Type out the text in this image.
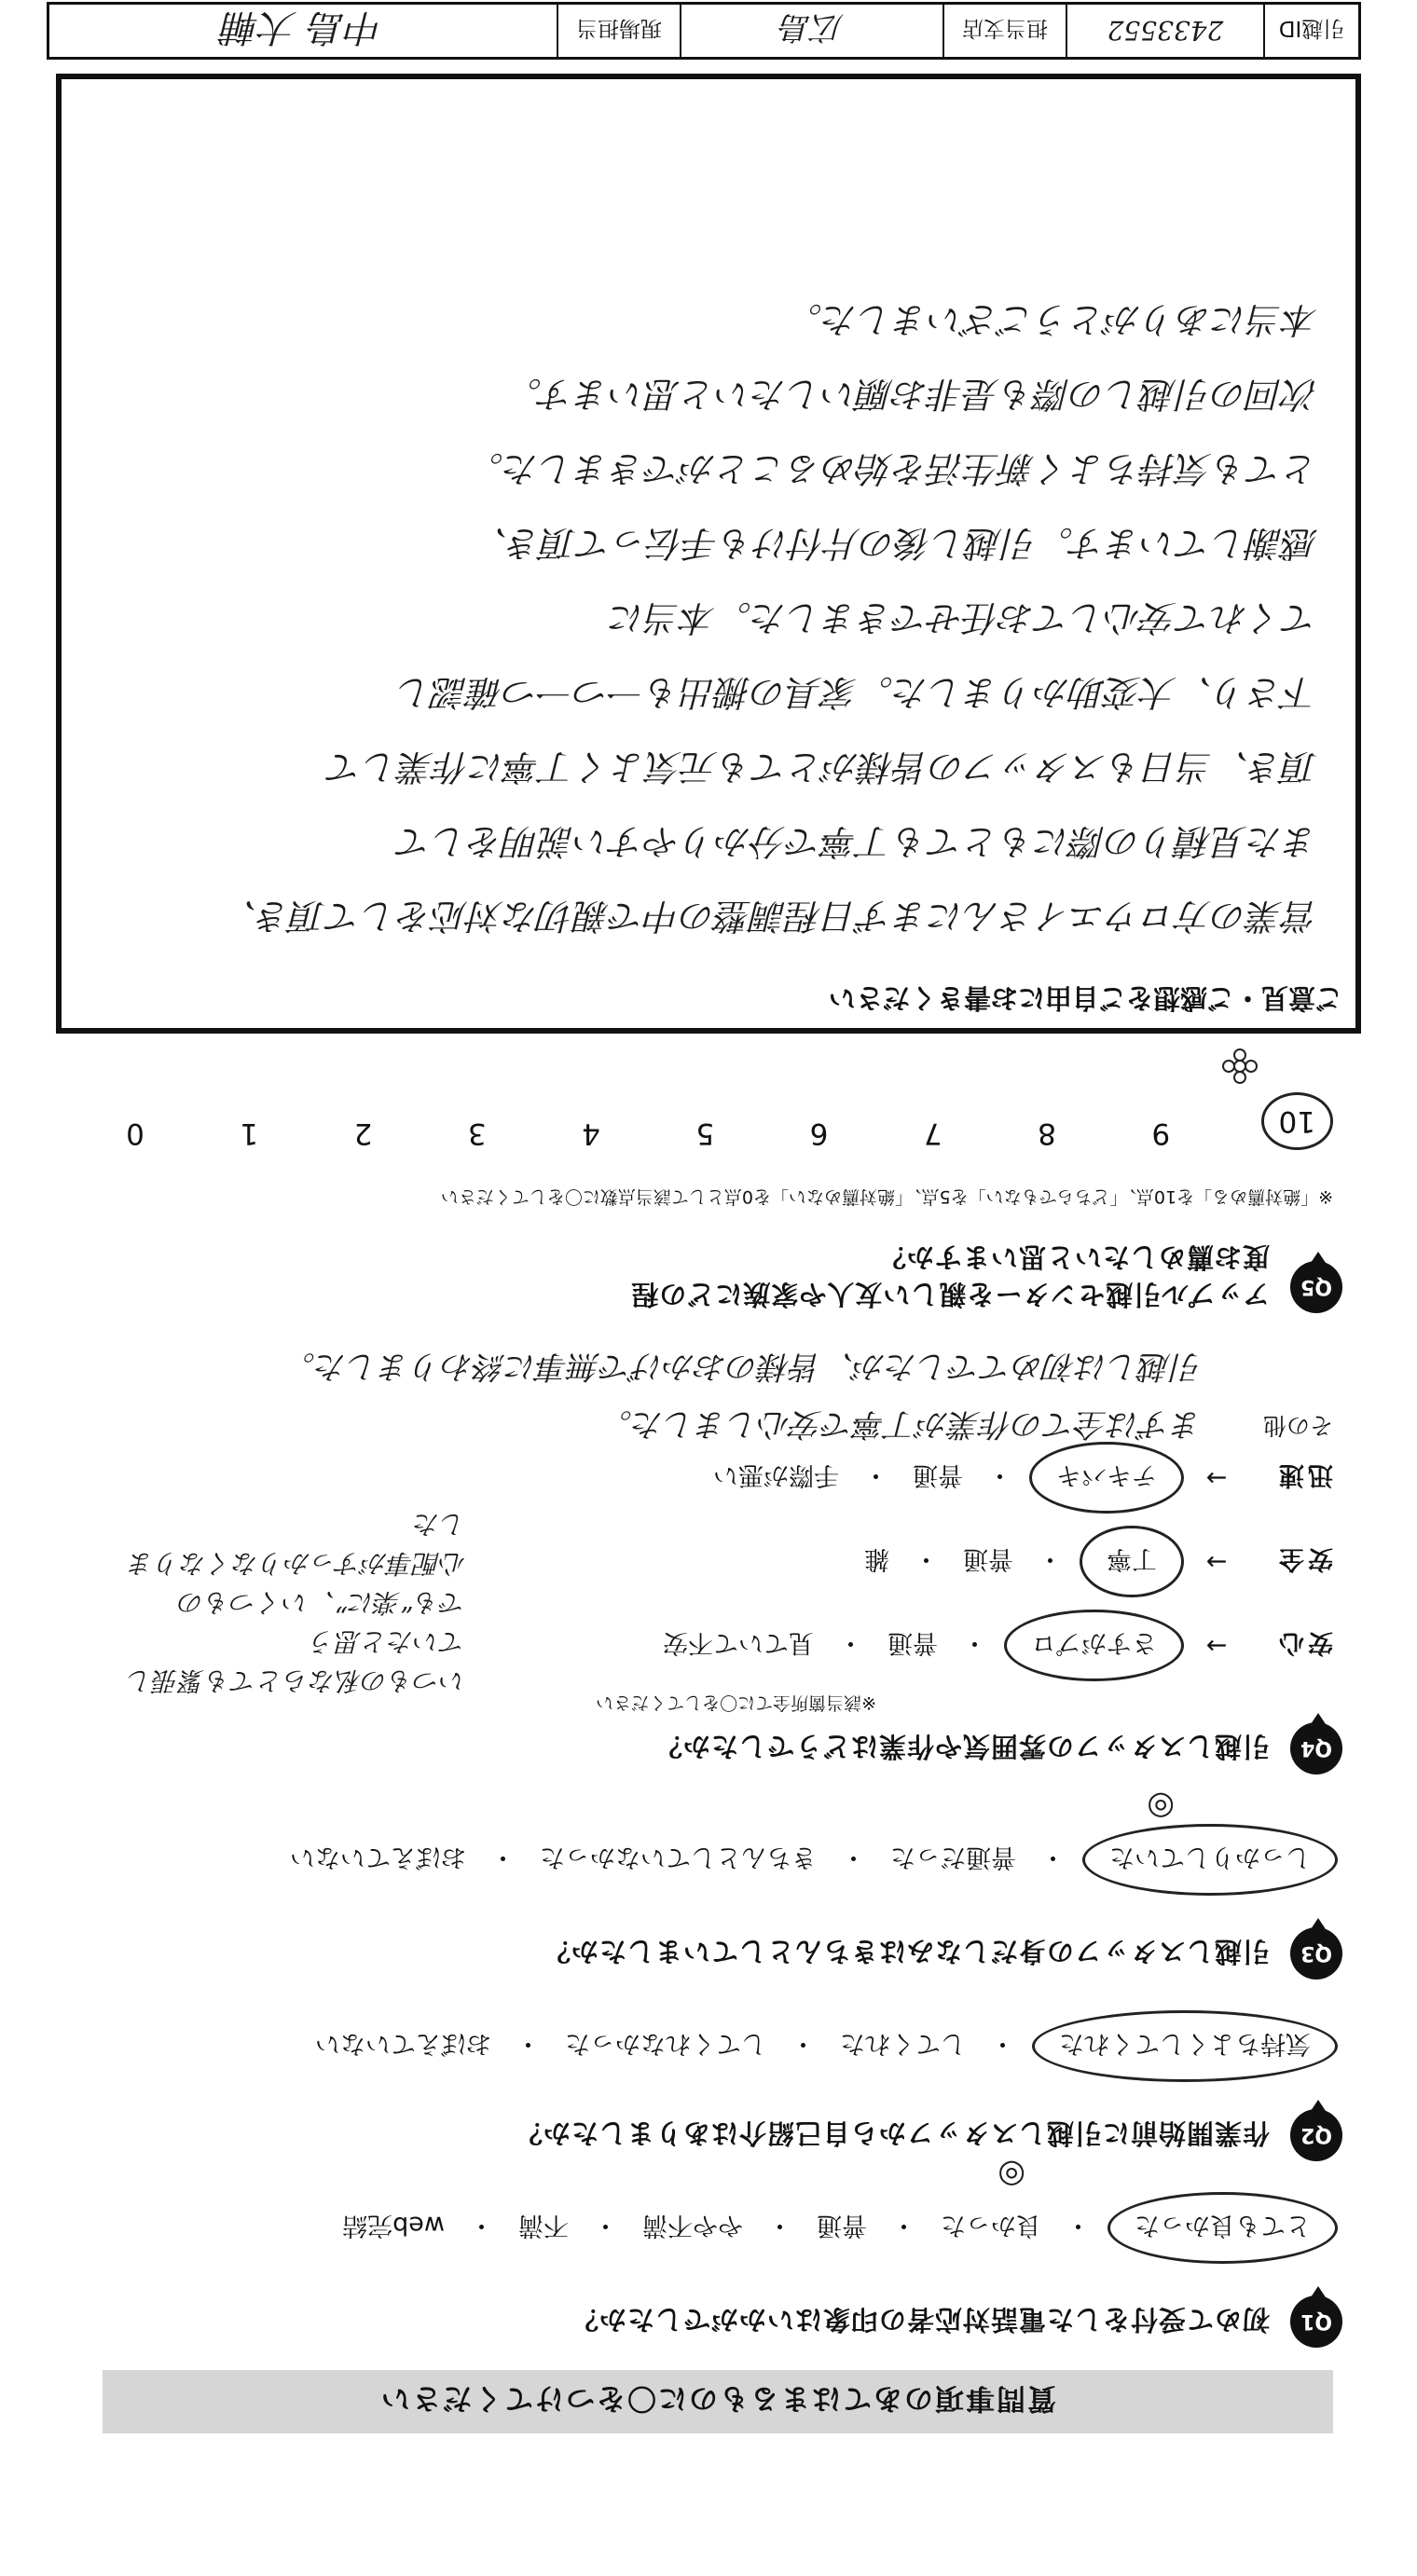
質問事項のあてはまるものに〇をつけてください
Q1
初めて受付をした電話対応者の印象はいかがでしたか？
とても良かった
・
良かった
・
普通
・
やや不満
・
不満
・
web完結
◎
Q2
作業開始前に引越しスタッフから自己紹介はありましたか？
気持ちよくしてくれた
・
してくれた
・
してくれなかった
・
おぼえていない
Q3
引越しスタッフの身だしなみはきちんとしていましたか？
しっかりしていた
・
普通だった
・
きちんとしていなかった
・
おぼえていない
◎
Q4
引越しスタッフの雰囲気や作業はどうでしたか？
※該当箇所全てに〇をしてください
安心
→
さすがプロ
・
普通
・
見ていて不安
安全
→
丁寧
・
普通
・
雑
迅速
→
テキパキ
・
普通
・
手際が悪い
いつもの私ならとても緊張していたと思う
でも“楽に”、いくつもの
心配事がすっかりなくなりました
その他
まずは全ての作業が丁寧で安心しました。
引越しは初めてでしたが、皆様のおかげで無事に終わりました。
Q5
アップル引越センターを親しい友人や家族にどの程度お薦めしたいと思いますか？
※「絶対薦める」を10点、「どちらでもない」を5点、「絶対薦めない」を0点として該当点数に〇をしてください
10
9
8
7
6
5
4
3
2
1
0
ご意見・ご感想をご自由にお書きください
営業の方ロウエイさんにまず日程調整の中で親切な対応をして頂き、
また見積りの際にもとても丁寧で分かりやすい説明をして
頂き、当日もスタッフの皆様がとても元気よく丁寧に作業して
下さり、大変助かりました。家具の搬出も一つ一つ確認し
てくれて安心してお任せできました。本当に
感謝しています。引越し後の片付けも手伝って頂き、
とても気持ちよく新生活を始めることができました。
次回の引越しの際も是非お願いしたいと思います。
本当にありがとうございました。
引越ID
2433552
担当支店
広島
現場担当
中島 大輔
